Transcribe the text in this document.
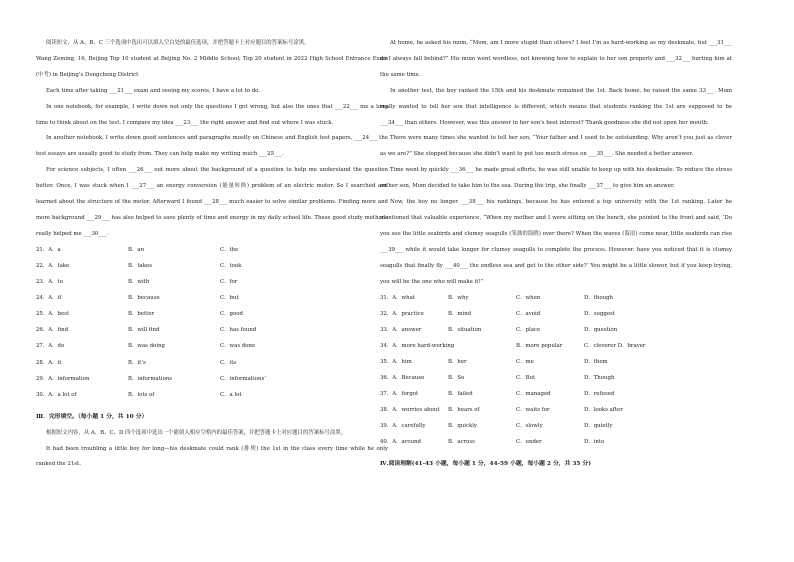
阅读短文，从 A、B、C 三个选项中选出可以填入空白处的最佳选项，并把答题卡上对应题目的答案标号涂黑。

Wang Zeming, 16, Beijing Top 10 student at Beijing No. 2 Middle School; Top 20 student in 2022 High School Entrance Exam (中考) in Beijing’s Dongcheng District

Each time after taking ___21___ exam and seeing my scores, I have a lot to do.

In one notebook, for example, I write down not only the questions I got wrong, but also the ones that ___22___ me a long time to think about on the test. I compare my idea ___23___ the right answer and find out where I was stuck.

In another notebook, I write down good sentences and paragraphs mostly on Chinese and English test papers, ___24___ the test essays are usually good to study from. They can help make my writing much ___25___.

For science subjects, I often ___26___ out more about the background of a question to help me understand the question better. Once, I was stuck when I ___27___ an energy conversion (能量转换) problem of an electric motor. So I searched and learned about the structure of the motor. Afterward I found ___28___ much easier to solve similar problems. Finding more and more background ___29___ has also helped to save plenty of time and energy in my daily school life. These good study methods really helped me ___30___.

21．A．a	B．an	C．the
22．A．take	B．takes	C．took
23．A．to	B．with	C．for
24．A．if	B．because	C．but
25．A．best	B．better	C．good
26．A．find	B．will find	C．has found
27．A．do	B．was doing	C．was done
28．A．it	B．it’s	C．its
29．A．information	B．informations	C．informations’
30．A．a lot of	B．lots of	C．a lot

Ⅲ．完形填空。（每小题 1 分，共 10 分）

根据短文内容，从 A、B、C、D 四个选项中选出一个能填入相应空格内的最佳答案，并把答题卡上对应题目的答案标号涂黑。

It had been troubling a little boy for long—his deskmate could rank (排列) the 1st in the class every time while he only ranked the 21st.

At home, he asked his mom, “Mom, am I more stupid than others? I feel I’m as hard-working as my deskmate, but ___31___ do I always fall behind?” His mom went wordless, not knowing how to explain to her son properly and ___32___ hurting him at the same time.

In another test, the boy ranked the 15th and his deskmate remained the 1st. Back home, he raised the same 33___. Mom really wanted to tell her son that intelligence is different, which means that students ranking the 1st are supposed to be ___34___ than others. However, was this answer in her son’s best interest? Thank goodness she did not open her mouth.

There were many times she wanted to tell her son, “Your father and I used to be outstanding. Why aren’t you just as clever as we are?” She stopped because she didn’t want to put too much stress on ___35___. She needed a better answer.

Time went by quickly ___36___ he made great efforts, he was still unable to keep up with his deskmate. To reduce the stress on her son, Mom decided to take him to the sea. During the trip, she finally ___37___ to give him an answer.

Now, the boy no longer ___38___ his rankings, because he has entered a top university with the 1st ranking. Later he mentioned that valuable experience, “When my mother and I were sitting on the bench, she pointed to the front and said, ‘Do you see the little seabirds and clumsy seagulls (笨拙的海鸥) over there? When the waves (海浪) come near, little seabirds can rise ___39___ while it would take longer for clumsy seagulls to complete the process. However, have you noticed that it is clumsy seagulls that finally fly ___40___ the endless sea and get to the other side?’ You might be a little slower, but if you keep trying, you will be the one who will make it!”

31．A．what	B．why	C．when	D．though
32．A．practice	B．mind	C．avoid	D．suggest
33．A．answer	B．situation	C．place	D．question
34．A．more hard-working	B．more popular	C．cleverer D．braver
35．A．him	B．her	C．me	D．them
36．A．Because	B．So	C．But	D．Though
37．A．forgot	B．failed	C．managed	D．refused
38．A．worries about	B．hears of	C．waits for	D．looks after
39．A．carefully	B．quickly	C．slowly	D．quietly
40．A．around	B．across	C．under	D．into

Ⅳ.阅读理解(41-43 小题，每小题 1 分，44-59 小题，每小题 2 分，共 35 分)
